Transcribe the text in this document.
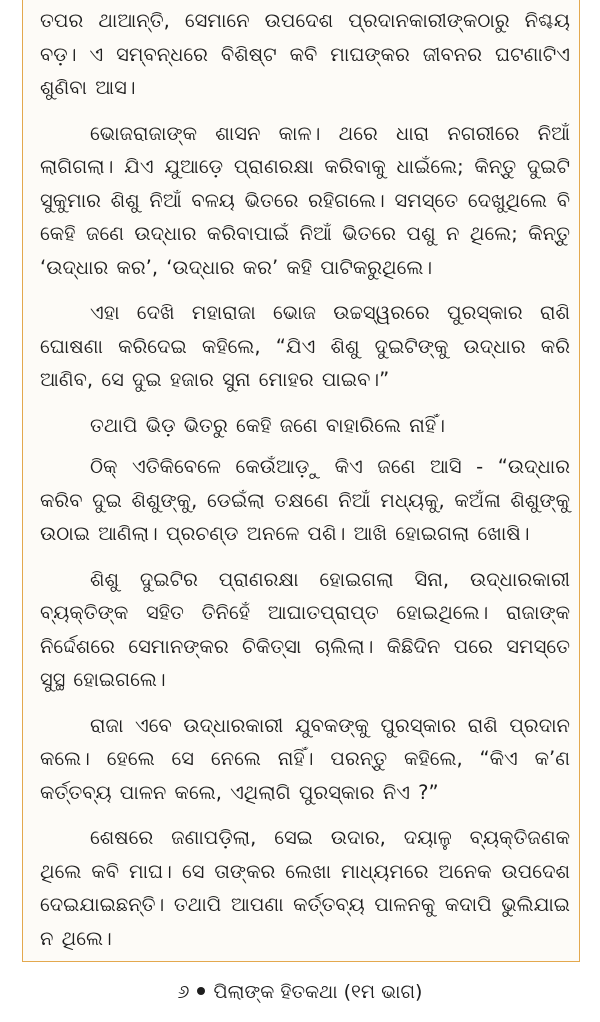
ତପର ଥାଆନ୍ତି, ସେମାନେ ଉପଦେଶ ପ୍ରଦାନକାରୀଙ୍କଠାରୁ ନିଶ୍ଚୟ ବଡ଼। ଏ ସମ୍ବନ୍ଧରେ ବିଶିଷ୍ଟ କବି ମାଘଙ୍କର ଜୀବନର ଘଟଣାଟିଏ ଶୁଣିବା ଆସ।

ଭୋଜରାଜାଙ୍କ ଶାସନ କାଳ। ଥରେ ଧାରା ନଗରୀରେ ନିଆଁ ଲାଗିଗଲା। ଯିଏ ଯୁଆଡ଼େ ପ୍ରାଣରକ୍ଷା କରିବାକୁ ଧାଇଁଲେ; କିନ୍ତୁ ଦୁଇଟି ସୁକୁମାର ଶିଶୁ ନିଆଁ ବଳୟ ଭିତରେ ରହିଗଲେ। ସମସ୍ତେ ଦେଖୁଥିଲେ ବି କେହି ଜଣେ ଉଦ୍ଧାର କରିବାପାଇଁ ନିଆଁ ଭିତରେ ପଶୁ ନ ଥିଲେ; କିନ୍ତୁ ‘ଉଦ୍ଧାର କର’, ‘ଉଦ୍ଧାର କର’ କହି ପାଟିକରୁଥିଲେ।

ଏହା ଦେଖି ମହାରାଜା ଭୋଜ ଉଚ୍ଚସ୍ୱରରେ ପୁରସ୍କାର ରାଶି ଘୋଷଣା କରିଦେଇ କହିଲେ, “ଯିଏ ଶିଶୁ ଦୁଇଟିଙ୍କୁ ଉଦ୍ଧାର କରି ଆଣିବ, ସେ ଦୁଇ ହଜାର ସୁନା ମୋହର ପାଇବ।”

ତଥାପି ଭିଡ଼ ଭିତରୁ କେହି ଜଣେ ବାହାରିଲେ ନାହିଁ।

ଠିକ୍ ଏତିକିବେଳେ କେଉଁଆଡ଼ୁ କିଏ ଜଣେ ଆସି - “ଉଦ୍ଧାର କରିବ ଦୁଇ ଶିଶୁଙ୍କୁ, ଡେଇଁଲା ତକ୍ଷଣେ ନିଆଁ ମଧ୍ୟକୁ, କଅଁଳା ଶିଶୁଙ୍କୁ ଉଠାଇ ଆଣିଲା। ପ୍ରଚଣ୍ଡ ଅନଳେ ପଶି। ଆଖି ହୋଇଗଲା ଖୋଷି।

ଶିଶୁ ଦୁଇଟିର ପ୍ରାଣରକ୍ଷା ହୋଇଗଲା ସିନା, ଉଦ୍ଧାରକାରୀ ବ୍ୟକ୍ତିଙ୍କ ସହିତ ତିନିହେଁ ଆଘାତପ୍ରାପ୍ତ ହୋଇଥିଲେ। ରାଜାଙ୍କ ନିର୍ଦ୍ଦେଶରେ ସେମାନଙ୍କର ଚିକିତ୍ସା ଚାଲିଲା। କିଛିଦିନ ପରେ ସମସ୍ତେ ସୁସ୍ଥ ହୋଇଗଲେ।

ରାଜା ଏବେ ଉଦ୍ଧାରକାରୀ ଯୁବକଙ୍କୁ ପୁରସ୍କାର ରାଶି ପ୍ରଦାନ କଲେ। ହେଲେ ସେ ନେଲେ ନାହିଁ। ପରନ୍ତୁ କହିଲେ, “କିଏ କ’ଣ କର୍ତ୍ତବ୍ୟ ପାଳନ କଲେ, ଏଥିଲାଗି ପୁରସ୍କାର ନିଏ ?”

ଶେଷରେ ଜଣାପଡ଼ିଲା, ସେଇ ଉଦାର, ଦୟାଳୁ ବ୍ୟକ୍ତିଜଣକ ଥିଲେ କବି ମାଘ। ସେ ତାଙ୍କର ଲେଖା ମାଧ୍ୟମରେ ଅନେକ ଉପଦେଶ ଦେଇଯାଇଛନ୍ତି। ତଥାପି ଆପଣା କର୍ତ୍ତବ୍ୟ ପାଳନକୁ କଦାପି ଭୁଲିଯାଇ ନ ଥିଲେ।

୬ ପିଲାଙ୍କ ହିତକଥା (୧ମ ଭାଗ)
